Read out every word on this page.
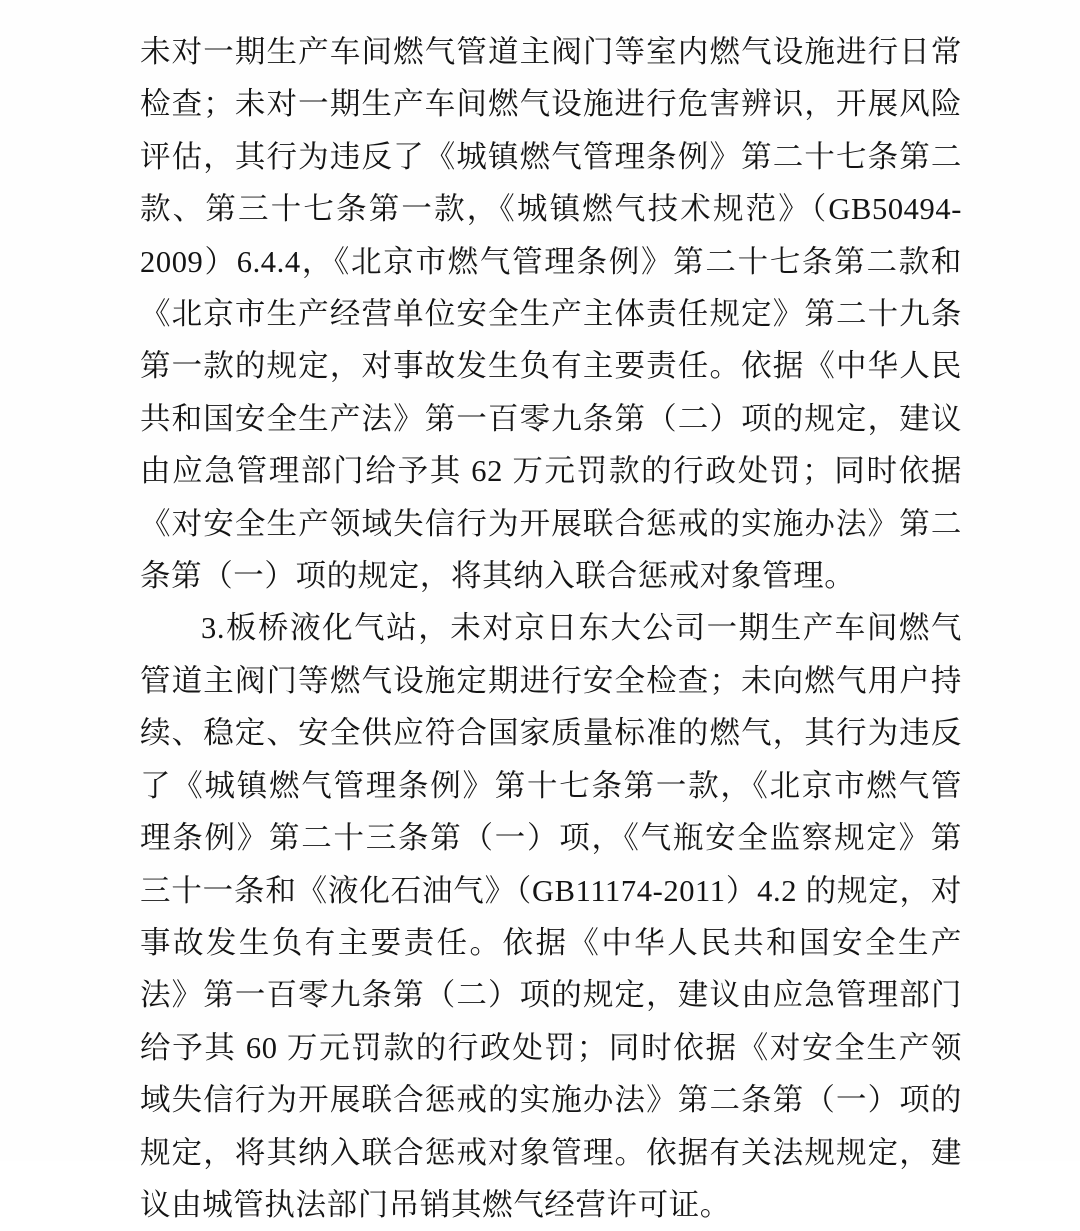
未对一期生产车间燃气管道主阀门等室内燃气设施进行日常检查；未对一期生产车间燃气设施进行危害辨识，开展风险评估，其行为违反了《城镇燃气管理条例》第二十七条第二款、第三十七条第一款，《城镇燃气技术规范》（GB50494-2009）6.4.4，《北京市燃气管理条例》第二十七条第二款和《北京市生产经营单位安全生产主体责任规定》第二十九条第一款的规定，对事故发生负有主要责任。依据《中华人民共和国安全生产法》第一百零九条第（二）项的规定，建议由应急管理部门给予其 62 万元罚款的行政处罚；同时依据《对安全生产领域失信行为开展联合惩戒的实施办法》第二条第（一）项的规定，将其纳入联合惩戒对象管理。

3.板桥液化气站，未对京日东大公司一期生产车间燃气管道主阀门等燃气设施定期进行安全检查；未向燃气用户持续、稳定、安全供应符合国家质量标准的燃气，其行为违反了《城镇燃气管理条例》第十七条第一款，《北京市燃气管理条例》第二十三条第（一）项，《气瓶安全监察规定》第三十一条和《液化石油气》（GB11174-2011）4.2 的规定，对事故发生负有主要责任。依据《中华人民共和国安全生产法》第一百零九条第（二）项的规定，建议由应急管理部门给予其 60 万元罚款的行政处罚；同时依据《对安全生产领域失信行为开展联合惩戒的实施办法》第二条第（一）项的规定，将其纳入联合惩戒对象管理。依据有关法规规定，建议由城管执法部门吊销其燃气经营许可证。
